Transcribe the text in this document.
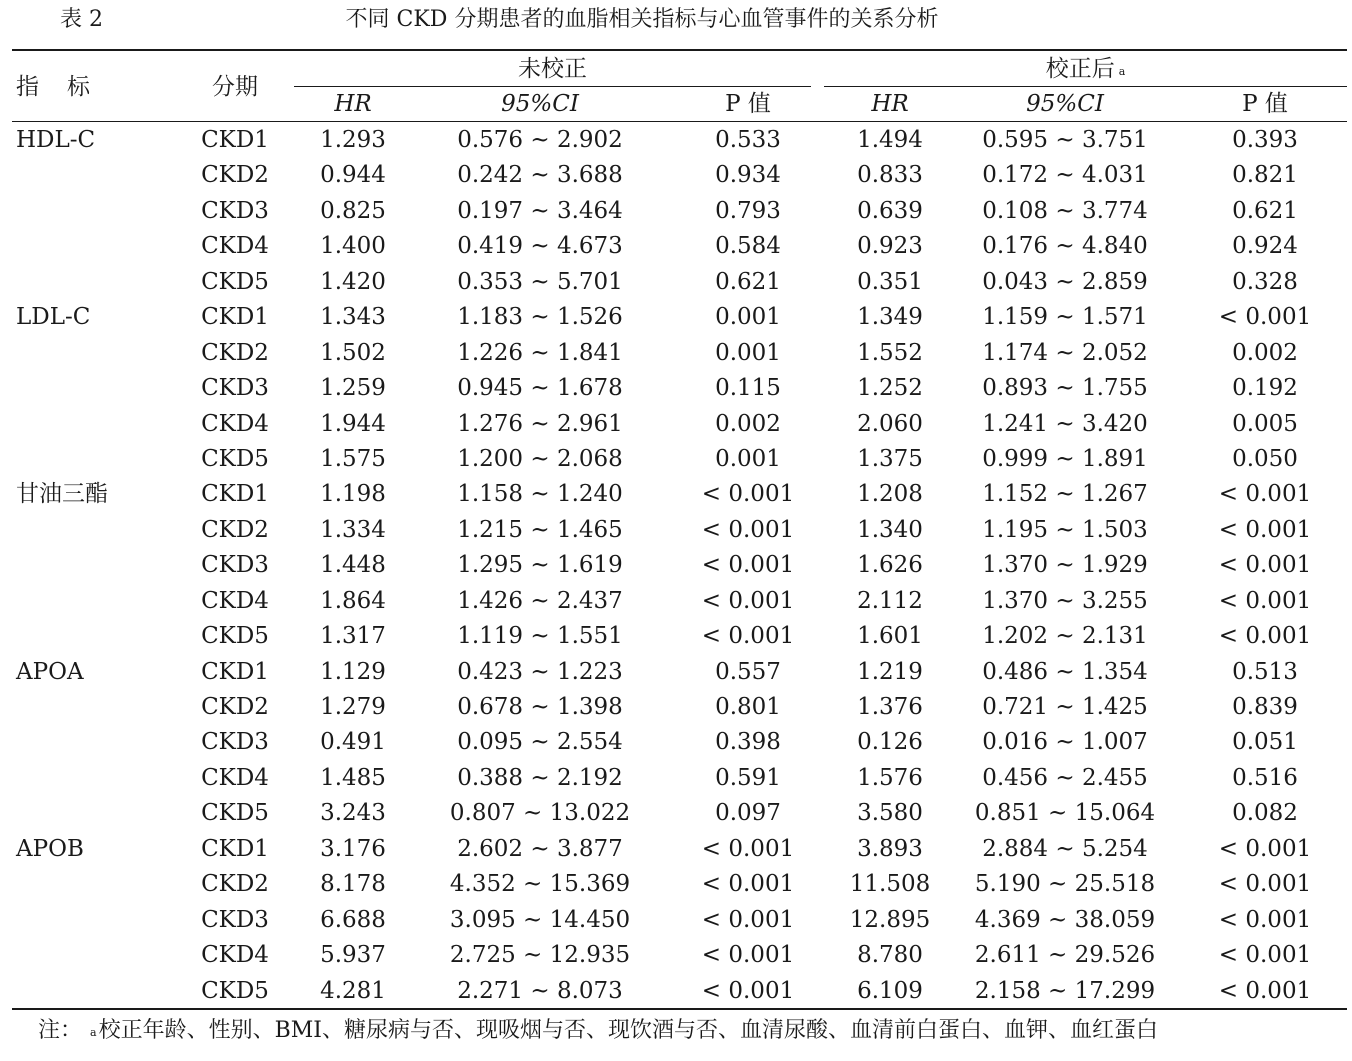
表 2	不同 CKD 分期患者的血脂相关指标与心血管事件的关系分析
指标	分期
未校正	校正后 $^a$
HR	95%CI	P 值	HR	95%CI	P 值
HDL-C	CKD1	1.293	0.576 ~ 2.902	0.533	1.494	0.595 ~ 3.751	0.393
CKD2	0.944	0.242 ~ 3.688	0.934	0.833	0.172 ~ 4.031	0.821
CKD3	0.825	0.197 ~ 3.464	0.793	0.639	0.108 ~ 3.774	0.621
CKD4	1.400	0.419 ~ 4.673	0.584	0.923	0.176 ~ 4.840	0.924
CKD5	1.420	0.353 ~ 5.701	0.621	0.351	0.043 ~ 2.859	0.328
LDL-C	CKD1	1.343	1.183 ~ 1.526	0.001	1.349	1.159 ~ 1.571	< 0.001
CKD2	1.502	1.226 ~ 1.841	0.001	1.552	1.174 ~ 2.052	0.002
CKD3	1.259	0.945 ~ 1.678	0.115	1.252	0.893 ~ 1.755	0.192
CKD4	1.944	1.276 ~ 2.961	0.002	2.060	1.241 ~ 3.420	0.005
CKD5	1.575	1.200 ~ 2.068	0.001	1.375	0.999 ~ 1.891	0.050
甘油三酯	CKD1	1.198	1.158 ~ 1.240	< 0.001	1.208	1.152 ~ 1.267	< 0.001
CKD2	1.334	1.215 ~ 1.465	< 0.001	1.340	1.195 ~ 1.503	< 0.001
CKD3	1.448	1.295 ~ 1.619	< 0.001	1.626	1.370 ~ 1.929	< 0.001
CKD4	1.864	1.426 ~ 2.437	< 0.001	2.112	1.370 ~ 3.255	< 0.001
CKD5	1.317	1.119 ~ 1.551	< 0.001	1.601	1.202 ~ 2.131	< 0.001
APOA	CKD1	1.129	0.423 ~ 1.223	0.557	1.219	0.486 ~ 1.354	0.513
CKD2	1.279	0.678 ~ 1.398	0.801	1.376	0.721 ~ 1.425	0.839
CKD3	0.491	0.095 ~ 2.554	0.398	0.126	0.016 ~ 1.007	0.051
CKD4	1.485	0.388 ~ 2.192	0.591	1.576	0.456 ~ 2.455	0.516
CKD5	3.243	0.807 ~ 13.022	0.097	3.580	0.851 ~ 15.064	0.082
APOB	CKD1	3.176	2.602 ~ 3.877	< 0.001	3.893	2.884 ~ 5.254	< 0.001
CKD2	8.178	4.352 ~ 15.369	< 0.001	11.508	5.190 ~ 25.518	< 0.001
CKD3	6.688	3.095 ~ 14.450	< 0.001	12.895	4.369 ~ 38.059	< 0.001
CKD4	5.937	2.725 ~ 12.935	< 0.001	8.780	2.611 ~ 29.526	< 0.001
CKD5	4.281	2.271 ~ 8.073	< 0.001	6.109	2.158 ~ 17.299	< 0.001
注： $^a$校正年龄、性别、BMI、糖尿病与否、现吸烟与否、现饮酒与否、血清尿酸、血清前白蛋白、血钾、血红蛋白
